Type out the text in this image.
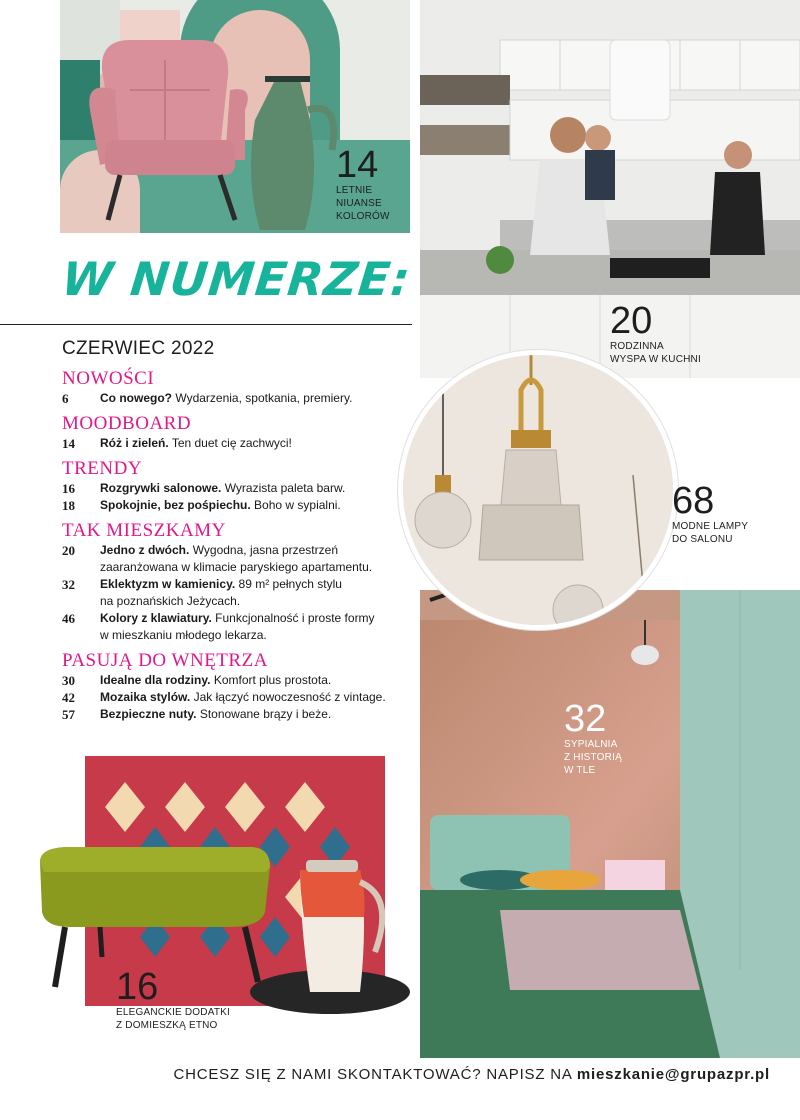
14
LETNIE
NIUANSE
KOLORÓW
20
RODZINNA
WYSPA W KUCHNI
68
MODNE LAMPY
DO SALONU
32
SYPIALNIA
Z HISTORIĄ
W TLE
16
ELEGANCKIE DODATKI
Z DOMIESZKĄ ETNO
W NUMERZE:
CZERWIEC 2022
NOWOŚCI
6	Co nowego? Wydarzenia, spotkania, premiery.
MOODBOARD
14	Róż i zieleń. Ten duet cię zachwyci!
TRENDY
16	Rozgrywki salonowe. Wyrazista paleta barw.
18	Spokojnie, bez pośpiechu. Boho w sypialni.
TAK MIESZKAMY
20	Jedno z dwóch. Wygodna, jasna przestrzeń
zaaranżowana w klimacie paryskiego apartamentu.
32	Eklektyzm w kamienicy. 89 m² pełnych stylu
na poznańskich Jeżycach.
46	Kolory z klawiatury. Funkcjonalność i proste formy
w mieszkaniu młodego lekarza.
PASUJĄ DO WNĘTRZA
30	Idealne dla rodziny. Komfort plus prostota.
42	Mozaika stylów. Jak łączyć nowoczesność z vintage.
57	Bezpieczne nuty. Stonowane brązy i beże.
CHCESZ SIĘ Z NAMI SKONTAKTOWAĆ? NAPISZ NA mieszkanie@grupazpr.pl
